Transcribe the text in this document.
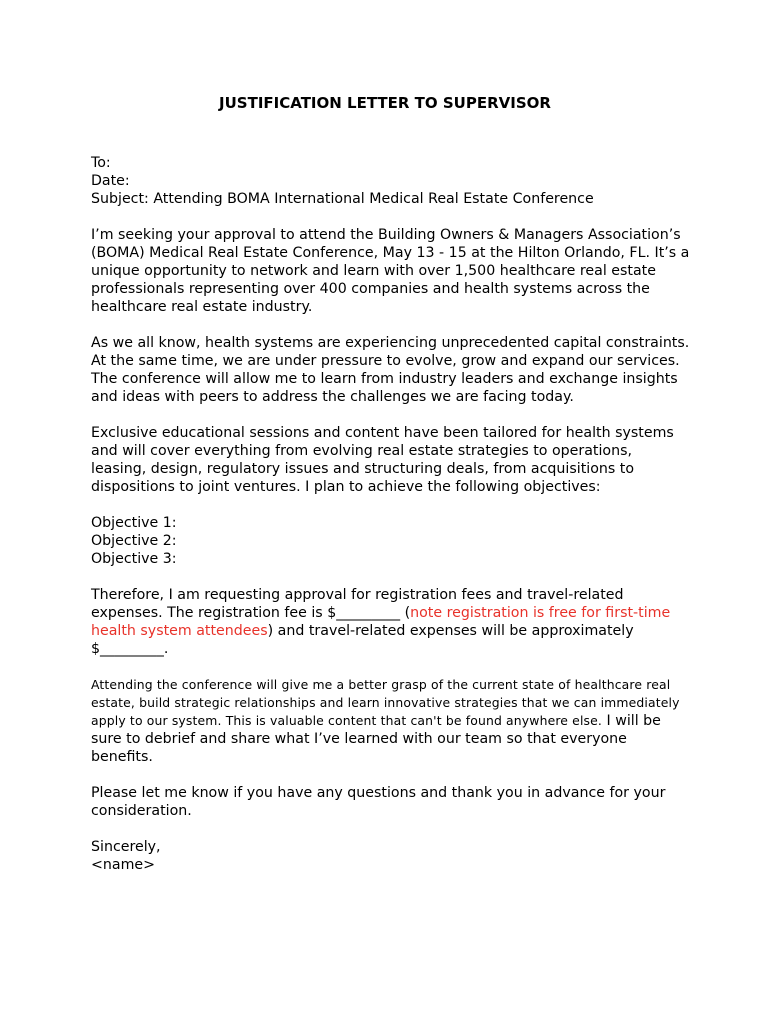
JUSTIFICATION LETTER TO SUPERVISOR

To:
Date:
Subject: Attending BOMA International Medical Real Estate Conference

I’m seeking your approval to attend the Building Owners & Managers Association’s (BOMA) Medical Real Estate Conference, May 13 - 15 at the Hilton Orlando, FL. It’s a unique opportunity to network and learn with over 1,500 healthcare real estate professionals representing over 400 companies and health systems across the healthcare real estate industry.

As we all know, health systems are experiencing unprecedented capital constraints. At the same time, we are under pressure to evolve, grow and expand our services. The conference will allow me to learn from industry leaders and exchange insights and ideas with peers to address the challenges we are facing today.

Exclusive educational sessions and content have been tailored for health systems and will cover everything from evolving real estate strategies to operations, leasing, design, regulatory issues and structuring deals, from acquisitions to dispositions to joint ventures. I plan to achieve the following objectives:

Objective 1:
Objective 2:
Objective 3:

Therefore, I am requesting approval for registration fees and travel-related expenses. The registration fee is $_________ (note registration is free for first-time health system attendees) and travel-related expenses will be approximately $_________.

Attending the conference will give me a better grasp of the current state of healthcare real estate, build strategic relationships and learn innovative strategies that we can immediately apply to our system. This is valuable content that can't be found anywhere else. I will be sure to debrief and share what I’ve learned with our team so that everyone benefits.

Please let me know if you have any questions and thank you in advance for your consideration.

Sincerely,
<name>
